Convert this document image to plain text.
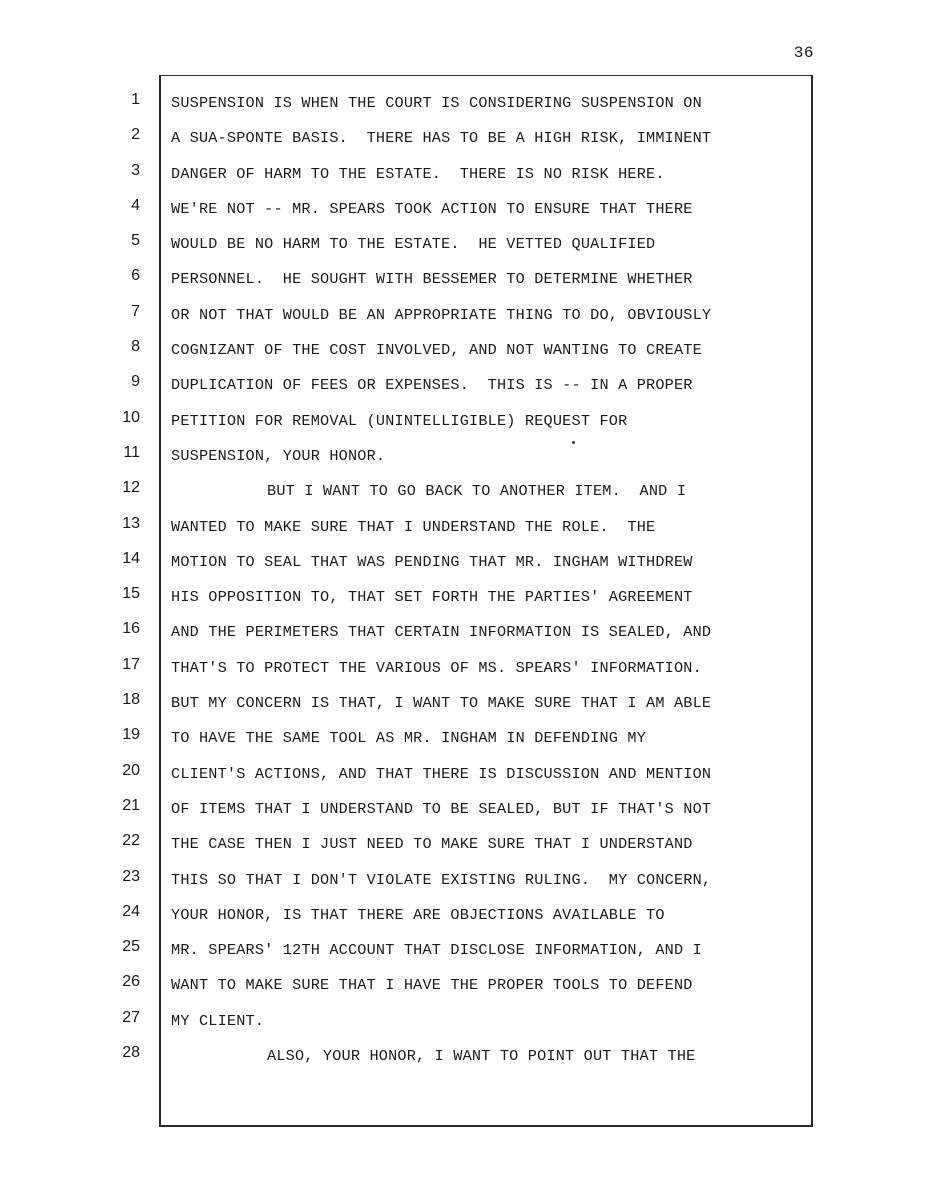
36
1
2
3
4
5
6
7
8
9
10
11
12
13
14
15
16
17
18
19
20
21
22
23
24
25
26
27
28
SUSPENSION IS WHEN THE COURT IS CONSIDERING SUSPENSION ON
A SUA-SPONTE BASIS.  THERE HAS TO BE A HIGH RISK, IMMINENT
DANGER OF HARM TO THE ESTATE.  THERE IS NO RISK HERE.
WE'RE NOT -- MR. SPEARS TOOK ACTION TO ENSURE THAT THERE
WOULD BE NO HARM TO THE ESTATE.  HE VETTED QUALIFIED
PERSONNEL.  HE SOUGHT WITH BESSEMER TO DETERMINE WHETHER
OR NOT THAT WOULD BE AN APPROPRIATE THING TO DO, OBVIOUSLY
COGNIZANT OF THE COST INVOLVED, AND NOT WANTING TO CREATE
DUPLICATION OF FEES OR EXPENSES.  THIS IS -- IN A PROPER
PETITION FOR REMOVAL (UNINTELLIGIBLE) REQUEST FOR
SUSPENSION, YOUR HONOR.
BUT I WANT TO GO BACK TO ANOTHER ITEM.  AND I
WANTED TO MAKE SURE THAT I UNDERSTAND THE ROLE.  THE
MOTION TO SEAL THAT WAS PENDING THAT MR. INGHAM WITHDREW
HIS OPPOSITION TO, THAT SET FORTH THE PARTIES' AGREEMENT
AND THE PERIMETERS THAT CERTAIN INFORMATION IS SEALED, AND
THAT'S TO PROTECT THE VARIOUS OF MS. SPEARS' INFORMATION.
BUT MY CONCERN IS THAT, I WANT TO MAKE SURE THAT I AM ABLE
TO HAVE THE SAME TOOL AS MR. INGHAM IN DEFENDING MY
CLIENT'S ACTIONS, AND THAT THERE IS DISCUSSION AND MENTION
OF ITEMS THAT I UNDERSTAND TO BE SEALED, BUT IF THAT'S NOT
THE CASE THEN I JUST NEED TO MAKE SURE THAT I UNDERSTAND
THIS SO THAT I DON'T VIOLATE EXISTING RULING.  MY CONCERN,
YOUR HONOR, IS THAT THERE ARE OBJECTIONS AVAILABLE TO
MR. SPEARS' 12TH ACCOUNT THAT DISCLOSE INFORMATION, AND I
WANT TO MAKE SURE THAT I HAVE THE PROPER TOOLS TO DEFEND
MY CLIENT.
ALSO, YOUR HONOR, I WANT TO POINT OUT THAT THE
